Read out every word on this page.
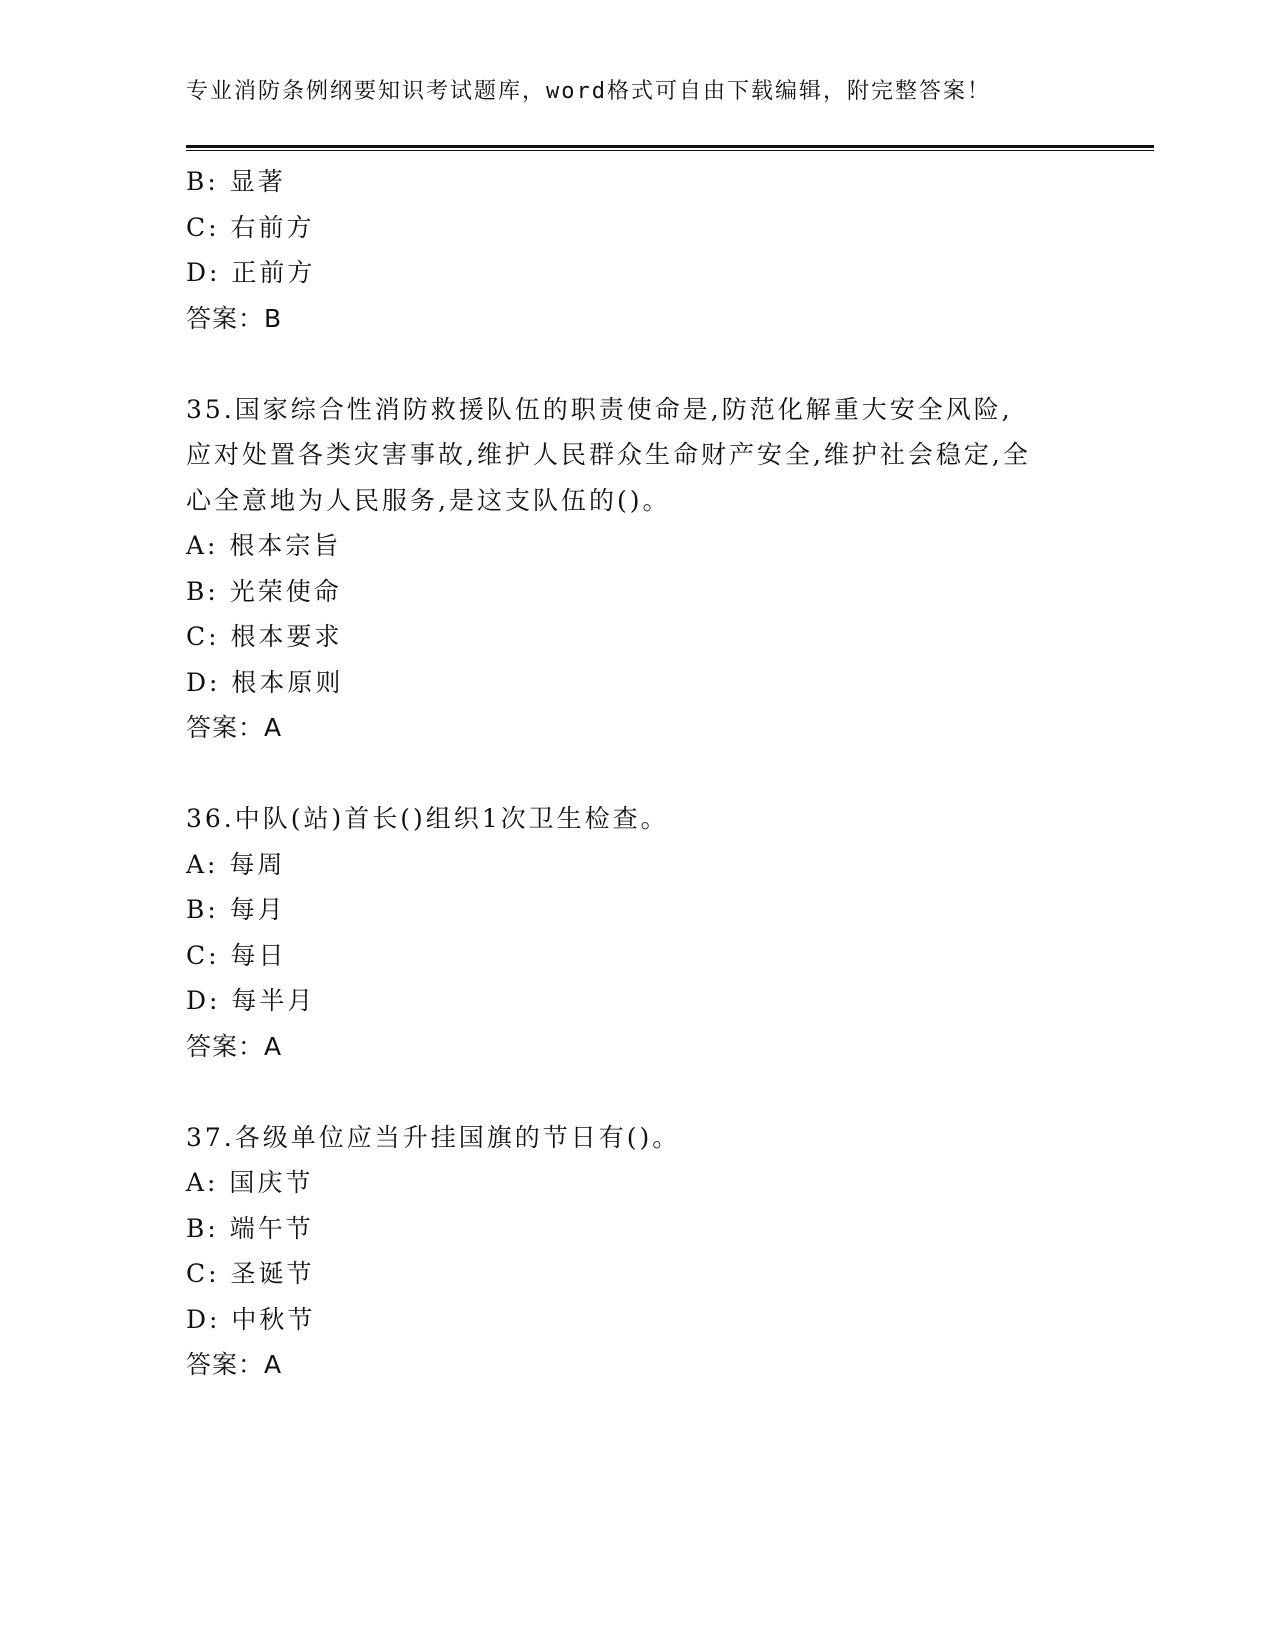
专业消防条例纲要知识考试题库，word格式可自由下载编辑，附完整答案！
B: 显著
C: 右前方
D: 正前方
答案：B
35.国家综合性消防救援队伍的职责使命是,防范化解重大安全风险,
应对处置各类灾害事故,维护人民群众生命财产安全,维护社会稳定,全
心全意地为人民服务,是这支队伍的()。
A: 根本宗旨
B: 光荣使命
C: 根本要求
D: 根本原则
答案：A
36.中队(站)首长()组织1次卫生检查。
A: 每周
B: 每月
C: 每日
D: 每半月
答案：A
37.各级单位应当升挂国旗的节日有()。
A: 国庆节
B: 端午节
C: 圣诞节
D: 中秋节
答案：A
